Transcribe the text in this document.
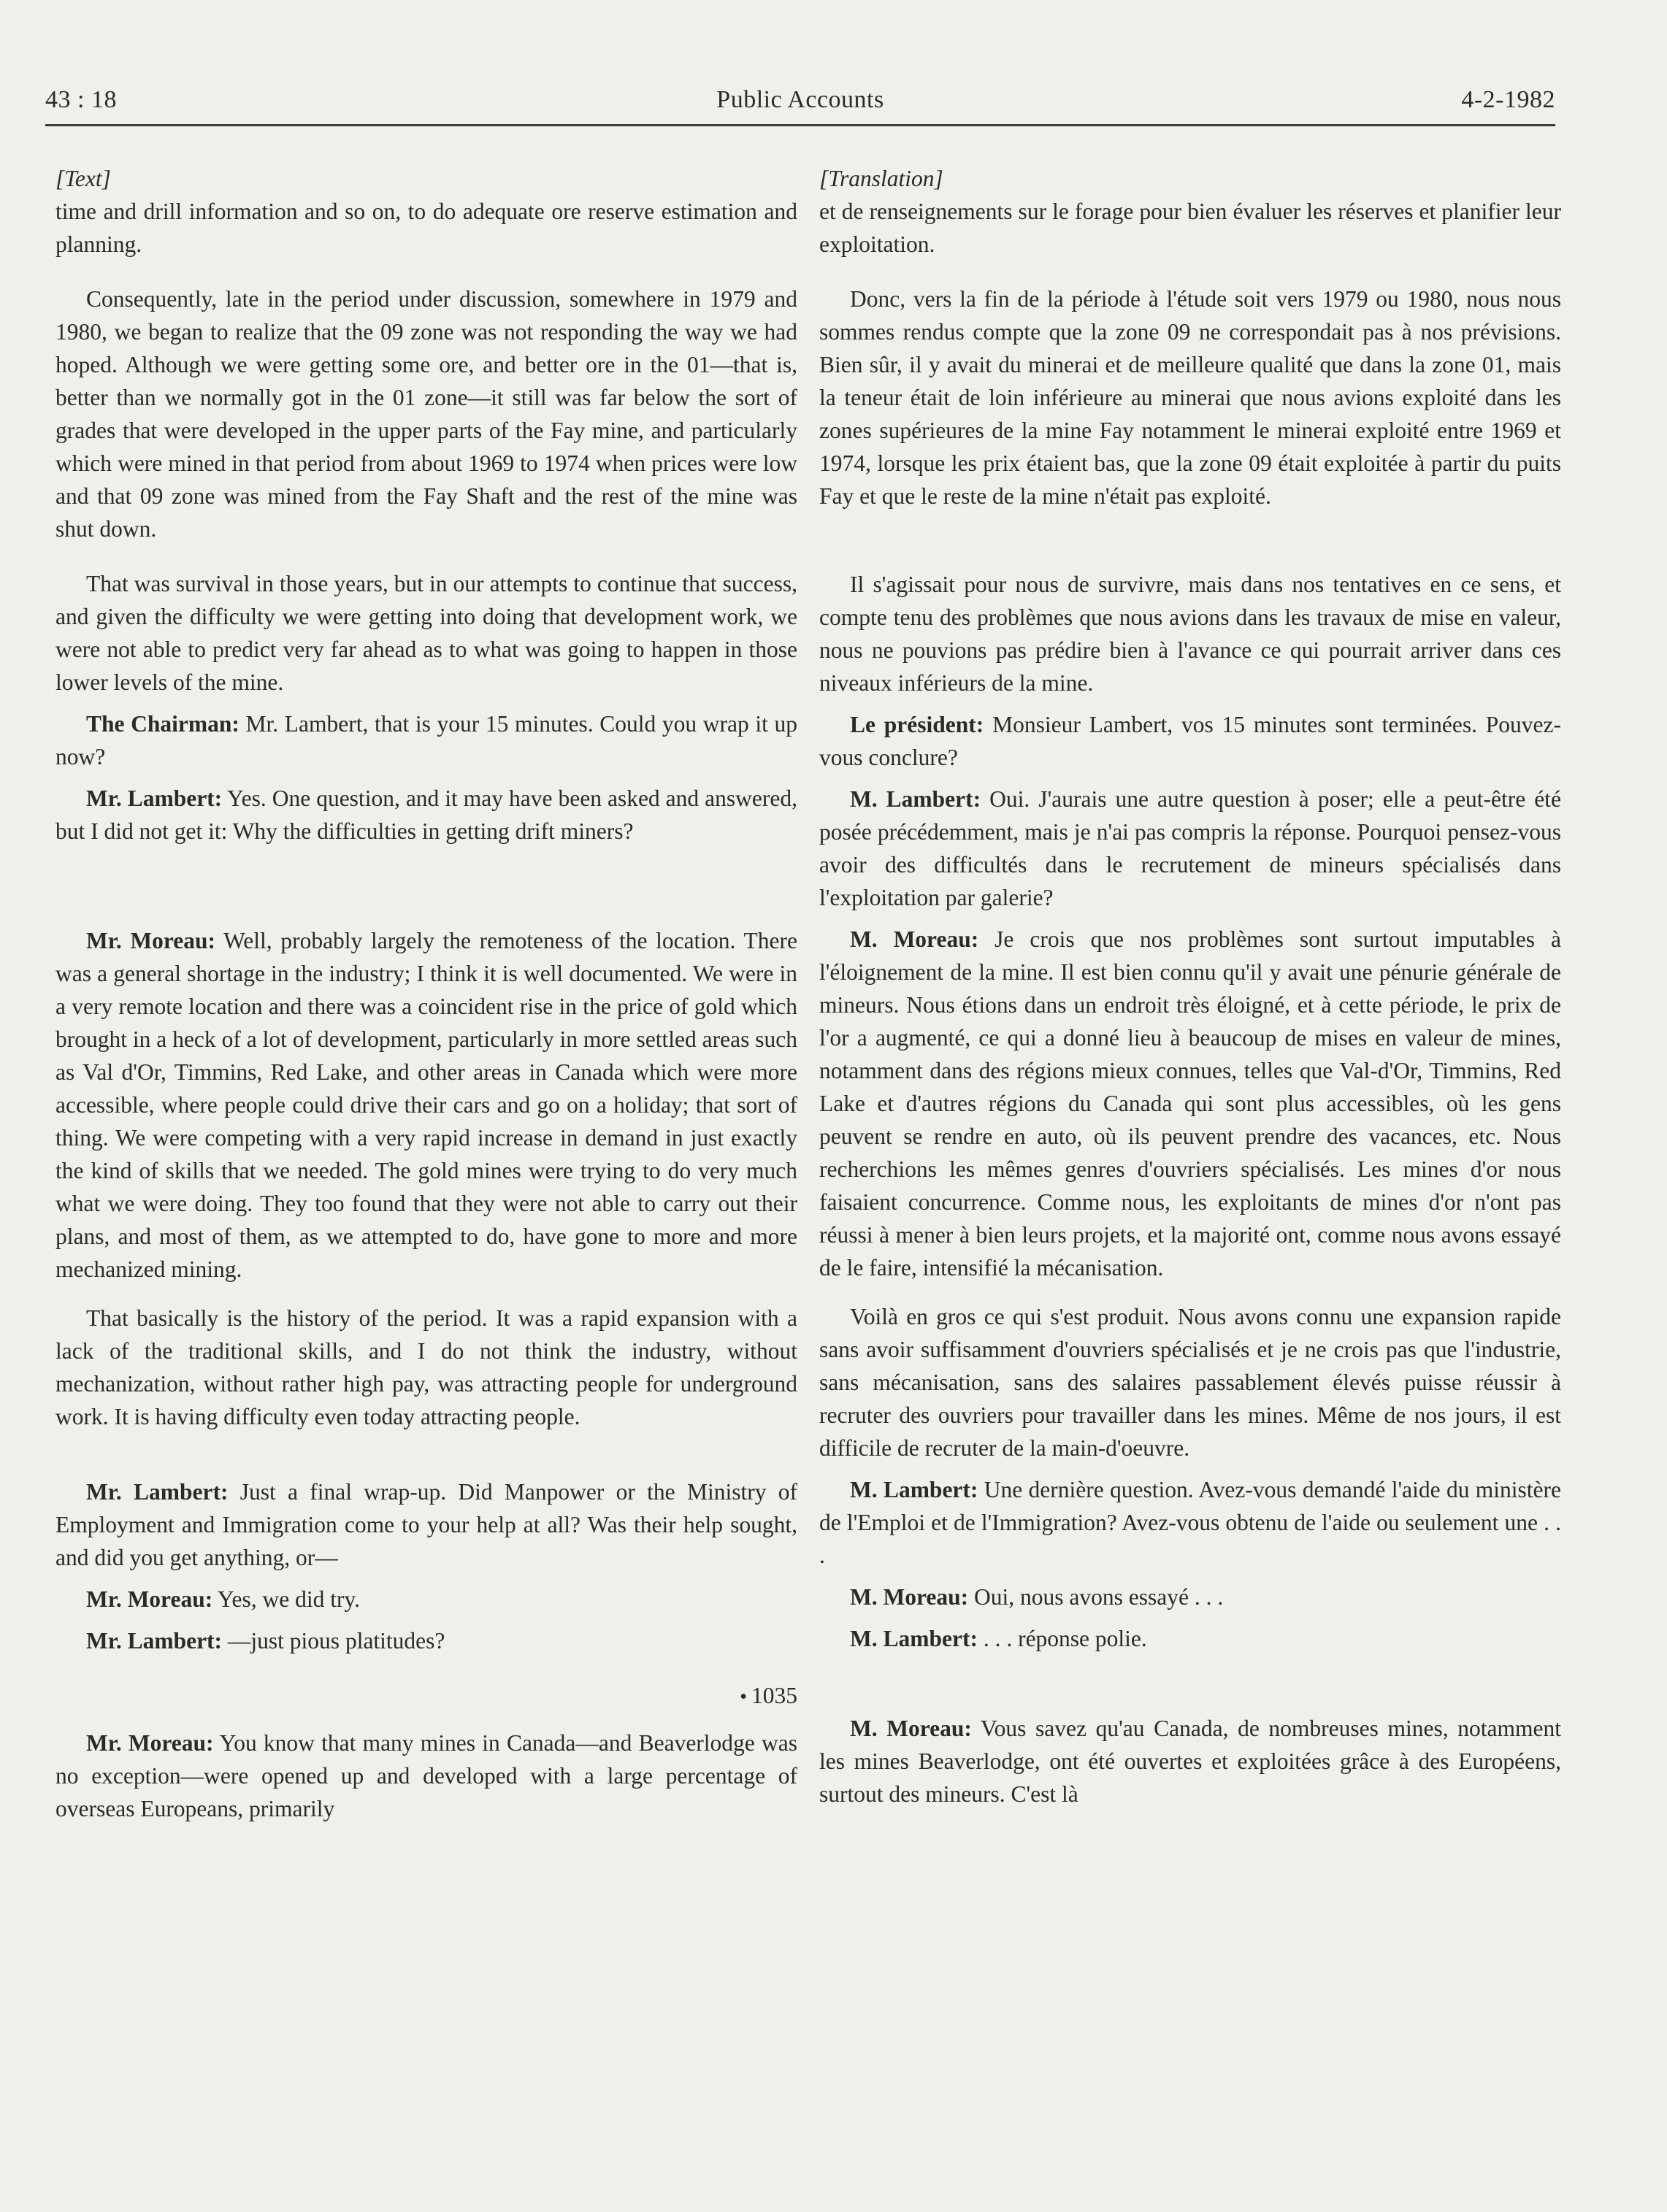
43 : 18	Public Accounts	4-2-1982
[Text]

time and drill information and so on, to do adequate ore reserve estimation and planning.

Consequently, late in the period under discussion, somewhere in 1979 and 1980, we began to realize that the 09 zone was not responding the way we had hoped. Although we were getting some ore, and better ore in the 01—that is, better than we normally got in the 01 zone—it still was far below the sort of grades that were developed in the upper parts of the Fay mine, and particularly which were mined in that period from about 1969 to 1974 when prices were low and that 09 zone was mined from the Fay Shaft and the rest of the mine was shut down.

That was survival in those years, but in our attempts to continue that success, and given the difficulty we were getting into doing that development work, we were not able to predict very far ahead as to what was going to happen in those lower levels of the mine.

The Chairman: Mr. Lambert, that is your 15 minutes. Could you wrap it up now?

Mr. Lambert: Yes. One question, and it may have been asked and answered, but I did not get it: Why the difficulties in getting drift miners?

Mr. Moreau: Well, probably largely the remoteness of the location. There was a general shortage in the industry; I think it is well documented. We were in a very remote location and there was a coincident rise in the price of gold which brought in a heck of a lot of development, particularly in more settled areas such as Val d'Or, Timmins, Red Lake, and other areas in Canada which were more accessible, where people could drive their cars and go on a holiday; that sort of thing. We were competing with a very rapid increase in demand in just exactly the kind of skills that we needed. The gold mines were trying to do very much what we were doing. They too found that they were not able to carry out their plans, and most of them, as we attempted to do, have gone to more and more mechanized mining.

That basically is the history of the period. It was a rapid expansion with a lack of the traditional skills, and I do not think the industry, without mechanization, without rather high pay, was attracting people for underground work. It is having difficulty even today attracting people.

Mr. Lambert: Just a final wrap-up. Did Manpower or the Ministry of Employment and Immigration come to your help at all? Was their help sought, and did you get anything, or—

Mr. Moreau: Yes, we did try.

Mr. Lambert: —just pious platitudes?

• 1035

Mr. Moreau: You know that many mines in Canada—and Beaverlodge was no exception—were opened up and developed with a large percentage of overseas Europeans, primarily

[Translation]

et de renseignements sur le forage pour bien évaluer les réserves et planifier leur exploitation.

Donc, vers la fin de la période à l'étude soit vers 1979 ou 1980, nous nous sommes rendus compte que la zone 09 ne correspondait pas à nos prévisions. Bien sûr, il y avait du minerai et de meilleure qualité que dans la zone 01, mais la teneur était de loin inférieure au minerai que nous avions exploité dans les zones supérieures de la mine Fay notamment le minerai exploité entre 1969 et 1974, lorsque les prix étaient bas, que la zone 09 était exploitée à partir du puits Fay et que le reste de la mine n'était pas exploité.

Il s'agissait pour nous de survivre, mais dans nos tentatives en ce sens, et compte tenu des problèmes que nous avions dans les travaux de mise en valeur, nous ne pouvions pas prédire bien à l'avance ce qui pourrait arriver dans ces niveaux inférieurs de la mine.

Le président: Monsieur Lambert, vos 15 minutes sont terminées. Pouvez-vous conclure?

M. Lambert: Oui. J'aurais une autre question à poser; elle a peut-être été posée précédemment, mais je n'ai pas compris la réponse. Pourquoi pensez-vous avoir des difficultés dans le recrutement de mineurs spécialisés dans l'exploitation par galerie?

M. Moreau: Je crois que nos problèmes sont surtout imputables à l'éloignement de la mine. Il est bien connu qu'il y avait une pénurie générale de mineurs. Nous étions dans un endroit très éloigné, et à cette période, le prix de l'or a augmenté, ce qui a donné lieu à beaucoup de mises en valeur de mines, notamment dans des régions mieux connues, telles que Val-d'Or, Timmins, Red Lake et d'autres régions du Canada qui sont plus accessibles, où les gens peuvent se rendre en auto, où ils peuvent prendre des vacances, etc. Nous recherchions les mêmes genres d'ouvriers spécialisés. Les mines d'or nous faisaient concurrence. Comme nous, les exploitants de mines d'or n'ont pas réussi à mener à bien leurs projets, et la majorité ont, comme nous avons essayé de le faire, intensifié la mécanisation.

Voilà en gros ce qui s'est produit. Nous avons connu une expansion rapide sans avoir suffisamment d'ouvriers spécialisés et je ne crois pas que l'industrie, sans mécanisation, sans des salaires passablement élevés puisse réussir à recruter des ouvriers pour travailler dans les mines. Même de nos jours, il est difficile de recruter de la main-d'oeuvre.

M. Lambert: Une dernière question. Avez-vous demandé l'aide du ministère de l'Emploi et de l'Immigration? Avez-vous obtenu de l'aide ou seulement une . . .

M. Moreau: Oui, nous avons essayé . . .

M. Lambert: . . . réponse polie.

M. Moreau: Vous savez qu'au Canada, de nombreuses mines, notamment les mines Beaverlodge, ont été ouvertes et exploitées grâce à des Européens, surtout des mineurs. C'est là
